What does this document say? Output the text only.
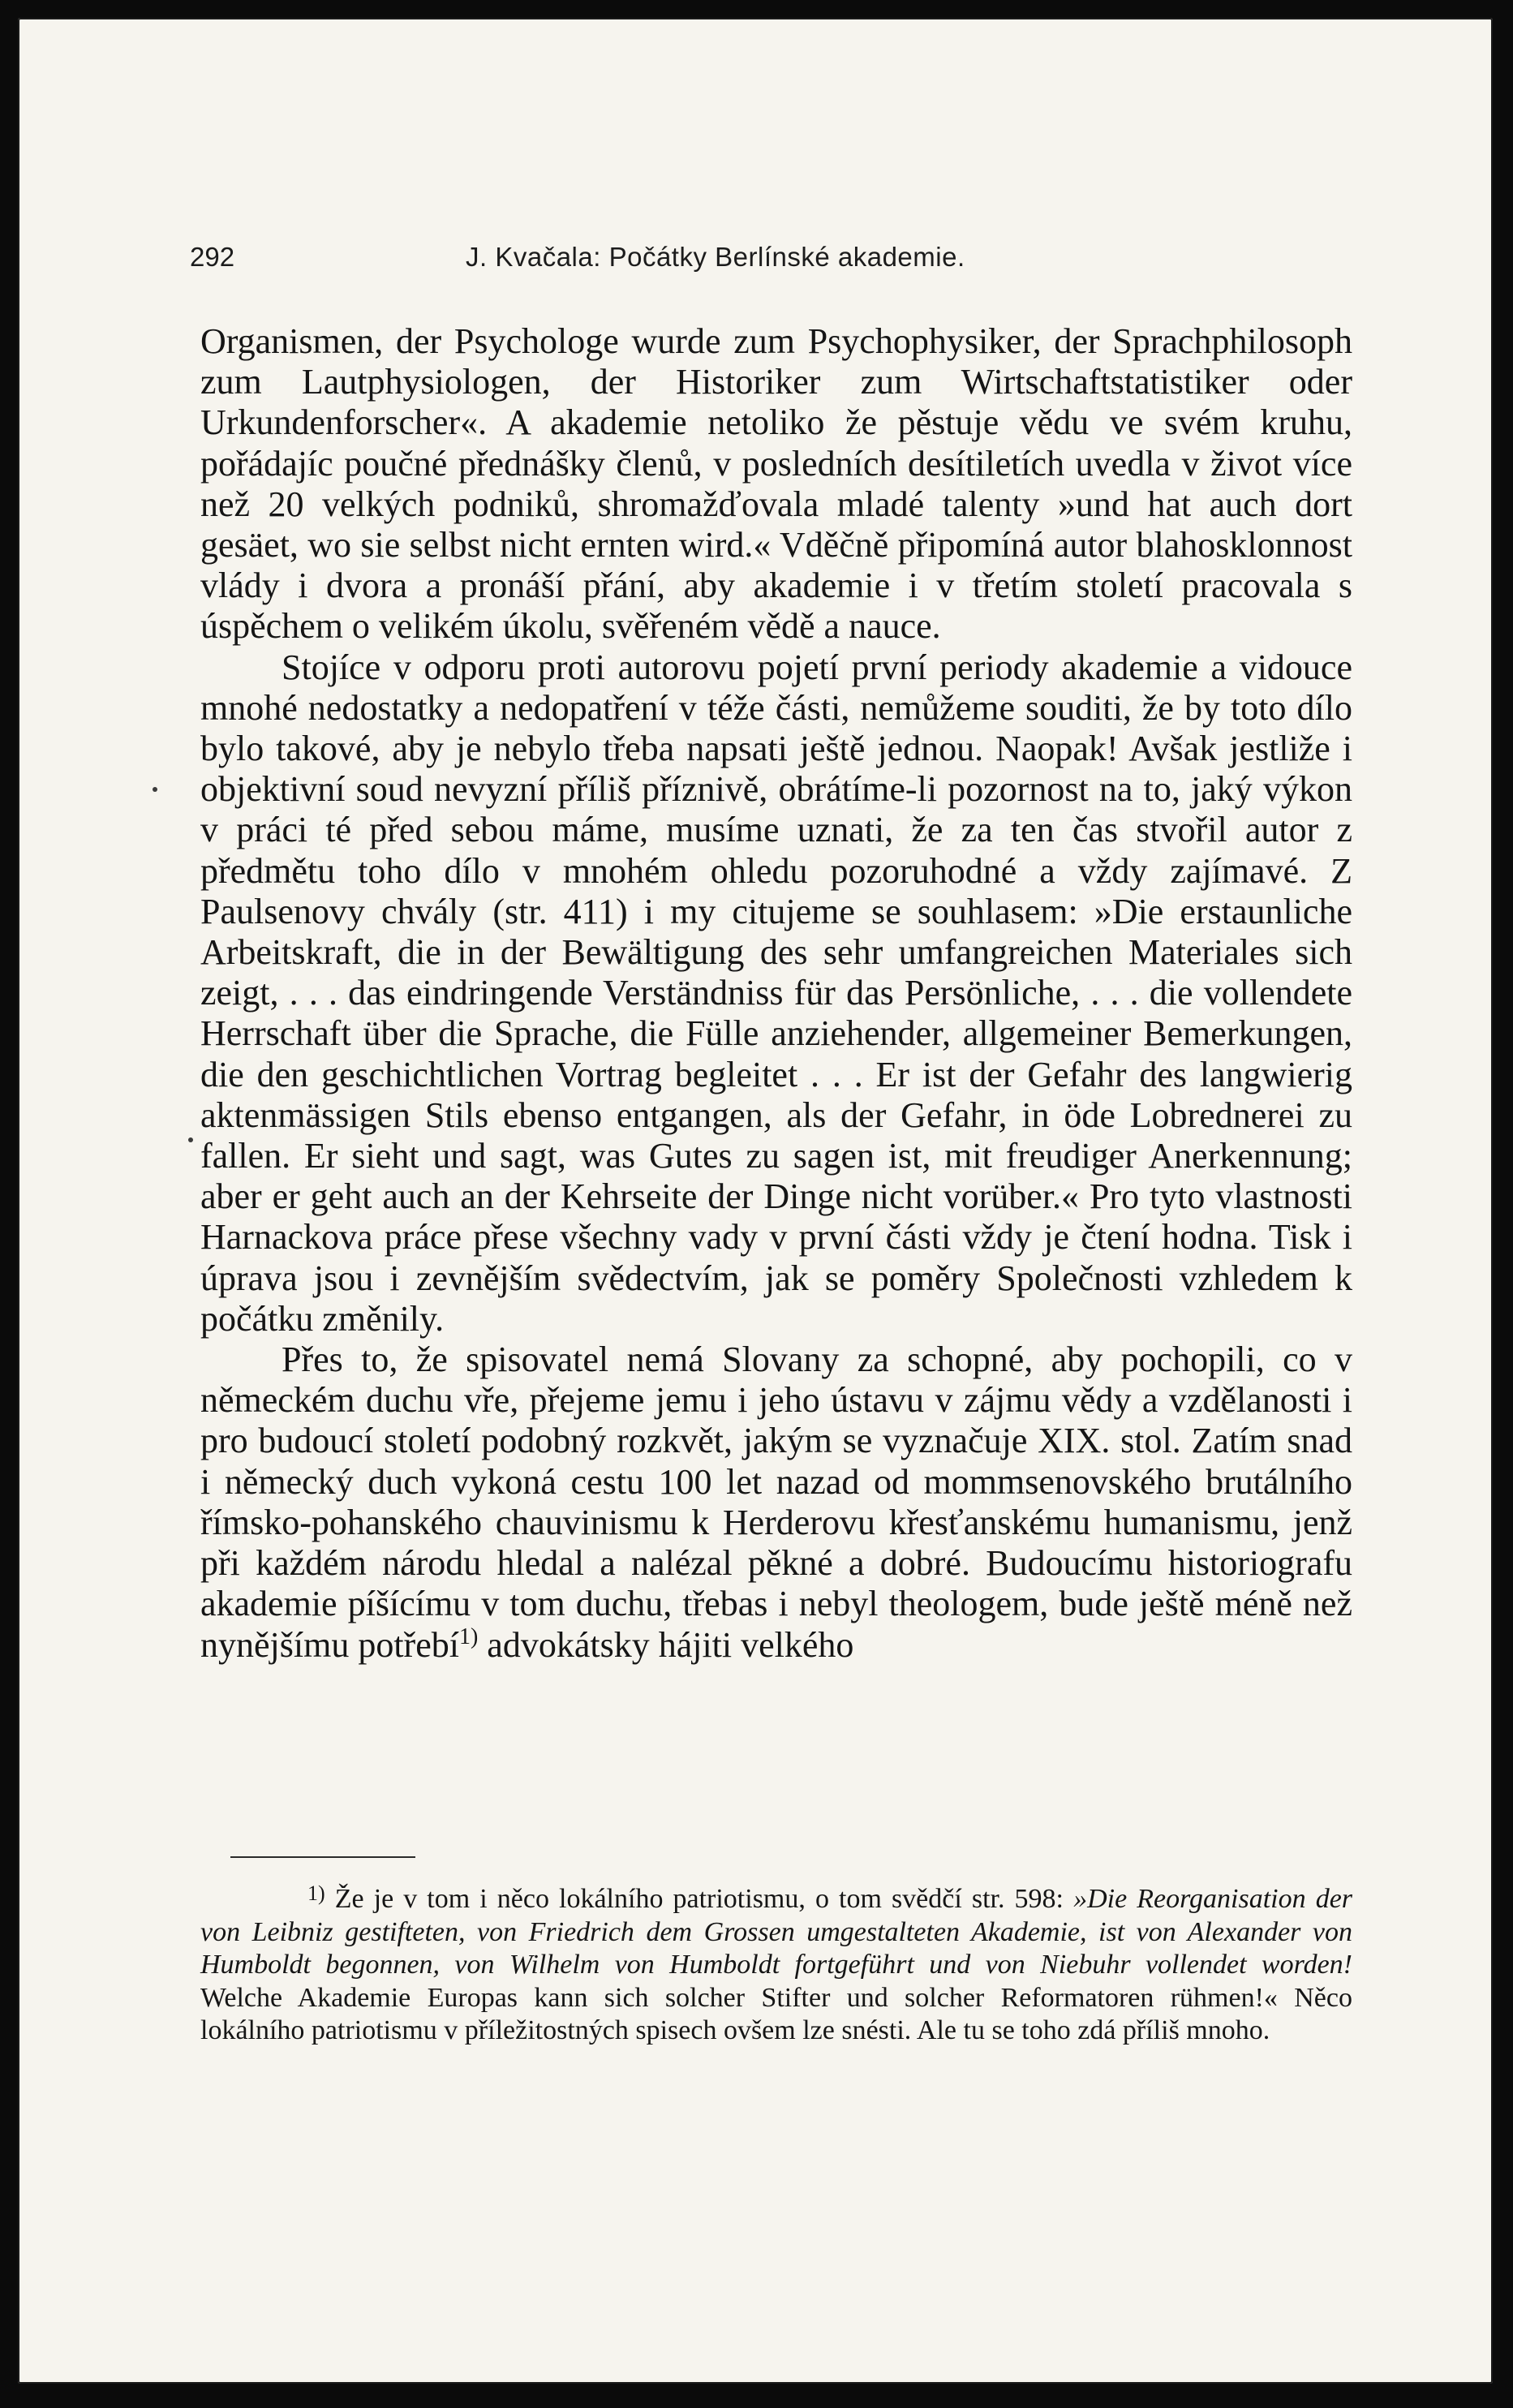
292	J. Kvačala: Počátky Berlínské akademie.

Organismen, der Psychologe wurde zum Psychophysiker, der Sprachphilosoph zum Lautphysiologen, der Historiker zum Wirtschaftstatistiker oder Urkundenforscher«. A akademie netoliko že pěstuje vědu ve svém kruhu, pořádajíc poučné přednášky členů, v posledních desítiletích uvedla v život více než 20 velkých podniků, shromažďovala mladé talenty »und hat auch dort gesäet, wo sie selbst nicht ernten wird.« Vděčně připomíná autor blahosklonnost vlády i dvora a pronáší přání, aby akademie i v třetím století pracovala s úspěchem o velikém úkolu, svěřeném vědě a nauce.

Stojíce v odporu proti autorovu pojetí první periody akademie a vidouce mnohé nedostatky a nedopatření v téže části, nemůžeme souditi, že by toto dílo bylo takové, aby je nebylo třeba napsati ještě jednou. Naopak! Avšak jestliže i objektivní soud nevyzní příliš příznivě, obrátíme-li pozornost na to, jaký výkon v práci té před sebou máme, musíme uznati, že za ten čas stvořil autor z předmětu toho dílo v mnohém ohledu pozoruhodné a vždy zajímavé. Z Paulsenovy chvály (str. 411) i my citujeme se souhlasem: »Die erstaunliche Arbeitskraft, die in der Bewältigung des sehr umfangreichen Materiales sich zeigt, . . . das eindringende Verständniss für das Persönliche, . . . die vollendete Herrschaft über die Sprache, die Fülle anziehender, allgemeiner Bemerkungen, die den geschichtlichen Vortrag begleitet . . . Er ist der Gefahr des langwierig aktenmässigen Stils ebenso entgangen, als der Gefahr, in öde Lobrednerei zu fallen. Er sieht und sagt, was Gutes zu sagen ist, mit freudiger Anerkennung; aber er geht auch an der Kehrseite der Dinge nicht vorüber.« Pro tyto vlastnosti Harnackova práce přese všechny vady v první části vždy je čtení hodna. Tisk i úprava jsou i zevnějším svědectvím, jak se poměry Společnosti vzhledem k počátku změnily.

Přes to, že spisovatel nemá Slovany za schopné, aby pochopili, co v německém duchu vře, přejeme jemu i jeho ústavu v zájmu vědy a vzdělanosti i pro budoucí století podobný rozkvět, jakým se vyznačuje XIX. stol. Zatím snad i německý duch vykoná cestu 100 let nazad od mommsenovského brutálního římsko-pohanského chauvinismu k Herderovu křesťanskému humanismu, jenž při každém národu hledal a nalézal pěkné a dobré. Budoucímu historiografu akademie píšícímu v tom duchu, třebas i nebyl theologem, bude ještě méně než nynějšímu potřebí$^{1)}$ advokátsky hájiti velkého

$^{1)}$ Že je v tom i něco lokálního patriotismu, o tom svědčí str. 598: »Die Reorganisation der von Leibniz gestifteten, von Friedrich dem Grossen umgestalteten Akademie, ist von Alexander von Humboldt begonnen, von Wilhelm von Humboldt fortgeführt und von Niebuhr vollendet worden! Welche Akademie Europas kann sich solcher Stifter und solcher Reformatoren rühmen!« Něco lokálního patriotismu v příležitostných spisech ovšem lze snésti. Ale tu se toho zdá příliš mnoho.
